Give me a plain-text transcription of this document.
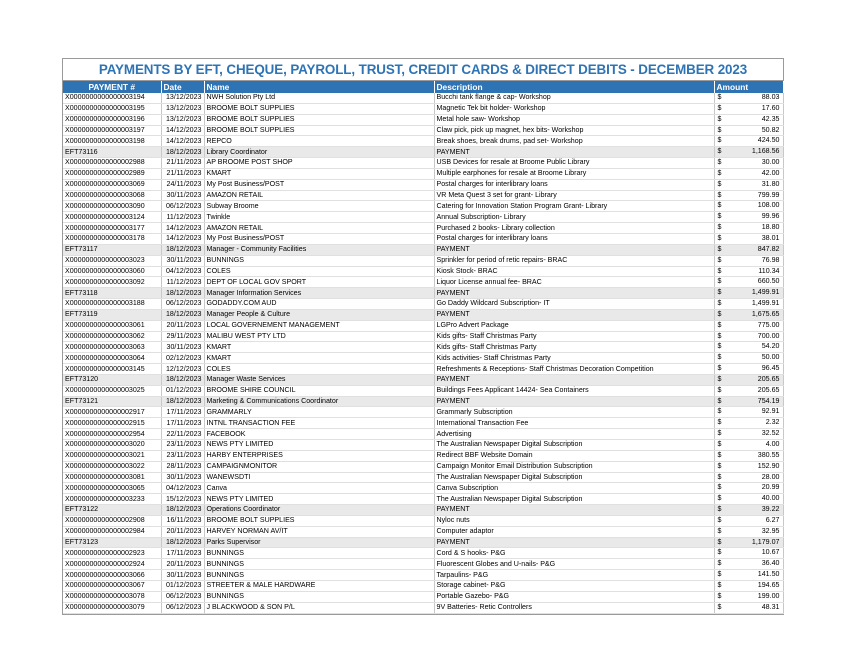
PAYMENTS BY EFT, CHEQUE, PAYROLL, TRUST, CREDIT CARDS & DIRECT DEBITS - DECEMBER 2023
PAYMENT #	Date	Name	Description	Amount
X0000000000000003194	13/12/2023	NWH Solution Pty Ltd	Bucchi tank flange & cap- Workshop	$ 88.03

X0000000000000003195	13/12/2023	BROOME BOLT SUPPLIES	Magnetic Tek bit holder- Workshop	$ 17.60

X0000000000000003196	13/12/2023	BROOME BOLT SUPPLIES	Metal hole saw- Workshop	$ 42.35

X0000000000000003197	14/12/2023	BROOME BOLT SUPPLIES	Claw pick, pick up magnet, hex bits- Workshop	$ 50.82

X0000000000000003198	14/12/2023	REPCO	Break shoes, break drums, pad set- Workshop	$ 424.50

EFT73116	18/12/2023	Library Coordinator	PAYMENT	$ 1,168.56

X0000000000000002988	21/11/2023	AP BROOME POST SHOP	USB Devices for resale at Broome Public Library	$ 30.00

X0000000000000002989	21/11/2023	KMART	Multiple earphones for resale at Broome Library	$ 42.00

X0000000000000003069	24/11/2023	My Post Business/POST	Postal charges for interlibrary loans	$ 31.80

X0000000000000003068	30/11/2023	AMAZON RETAIL	VR Meta Quest 3 set for grant- Library	$ 799.99

X0000000000000003090	06/12/2023	Subway Broome	Catering for Innovation Station Program Grant- Library	$ 108.00

X0000000000000003124	11/12/2023	Twinkle	Annual Subscription- Library	$ 99.96

X0000000000000003177	14/12/2023	AMAZON RETAIL	Purchased 2 books- Library collection	$ 18.80

X0000000000000003178	14/12/2023	My Post Business/POST	Postal charges for interlibrary loans	$ 38.01

EFT73117	18/12/2023	Manager - Community Facilities	PAYMENT	$ 847.82

X0000000000000003023	30/11/2023	BUNNINGS	Sprinkler for period of retic repairs- BRAC	$ 76.98

X0000000000000003060	04/12/2023	COLES	Kiosk Stock- BRAC	$ 110.34

X0000000000000003092	11/12/2023	DEPT OF LOCAL GOV SPORT	Liquor License annual fee- BRAC	$ 660.50

EFT73118	18/12/2023	Manager Information Services	PAYMENT	$ 1,499.91

X0000000000000003188	06/12/2023	GODADDY.COM AUD	Go Daddy Wildcard Subscription- IT	$ 1,499.91

EFT73119	18/12/2023	Manager People & Culture	PAYMENT	$ 1,675.65

X0000000000000003061	20/11/2023	LOCAL GOVERNEMENT MANAGEMENT	LGPro Advert Package	$ 775.00

X0000000000000003062	29/11/2023	MALIBU WEST PTY LTD	Kids gifts- Staff Christmas Party	$ 700.00

X0000000000000003063	30/11/2023	KMART	Kids gifts- Staff Christmas Party	$ 54.20

X0000000000000003064	02/12/2023	KMART	Kids activities- Staff Christmas Party	$ 50.00

X0000000000000003145	12/12/2023	COLES	Refreshments & Receptions- Staff Christmas Decoration Competition	$ 96.45

EFT73120	18/12/2023	Manager Waste Services	PAYMENT	$ 205.65

X0000000000000003025	01/12/2023	BROOME SHIRE COUNCIL	Buildings Fees Applicant 14424- Sea Containers	$ 205.65

EFT73121	18/12/2023	Marketing & Communications Coordinator	PAYMENT	$ 754.19

X0000000000000002917	17/11/2023	GRAMMARLY	Grammarly Subscription	$ 92.91

X0000000000000002915	17/11/2023	INTNL TRANSACTION FEE	International Transaction Fee	$ 2.32

X0000000000000002954	22/11/2023	FACEBOOK	Advertising	$ 32.52

X0000000000000003020	23/11/2023	NEWS PTY LIMITED	The Australian Newspaper Digital Subscription	$ 4.00

X0000000000000003021	23/11/2023	HARBY ENTERPRISES	Redirect BBF Website Domain	$ 380.55

X0000000000000003022	28/11/2023	CAMPAIGNMONITOR	Campaign Monitor Email Distribution Subscription	$ 152.90

X0000000000000003081	30/11/2023	WANEWSDTI	The Australian Newspaper Digital Subscription	$ 28.00

X0000000000000003065	04/12/2023	Canva	Canva Subscription	$ 20.99

X0000000000000003233	15/12/2023	NEWS PTY LIMITED	The Australian Newspaper Digital Subscription	$ 40.00

EFT73122	18/12/2023	Operations Coordinator	PAYMENT	$ 39.22

X0000000000000002908	16/11/2023	BROOME BOLT SUPPLIES	Nyloc nuts	$ 6.27

X0000000000000002984	20/11/2023	HARVEY NORMAN AV/IT	Computer adaptor	$ 32.95

EFT73123	18/12/2023	Parks Supervisor	PAYMENT	$ 1,179.07

X0000000000000002923	17/11/2023	BUNNINGS	Cord & S hooks- P&G	$ 10.67

X0000000000000002924	20/11/2023	BUNNINGS	Fluorescent Globes and U-nails- P&G	$ 36.40

X0000000000000003066	30/11/2023	BUNNINGS	Tarpaulins- P&G	$ 141.50

X0000000000000003067	01/12/2023	STREETER & MALE HARDWARE	Storage cabinet- P&G	$ 194.65

X0000000000000003078	06/12/2023	BUNNINGS	Portable Gazebo- P&G	$ 199.00

X0000000000000003079	06/12/2023	J BLACKWOOD & SON P/L	9V Batteries- Retic Controllers	$ 48.31
